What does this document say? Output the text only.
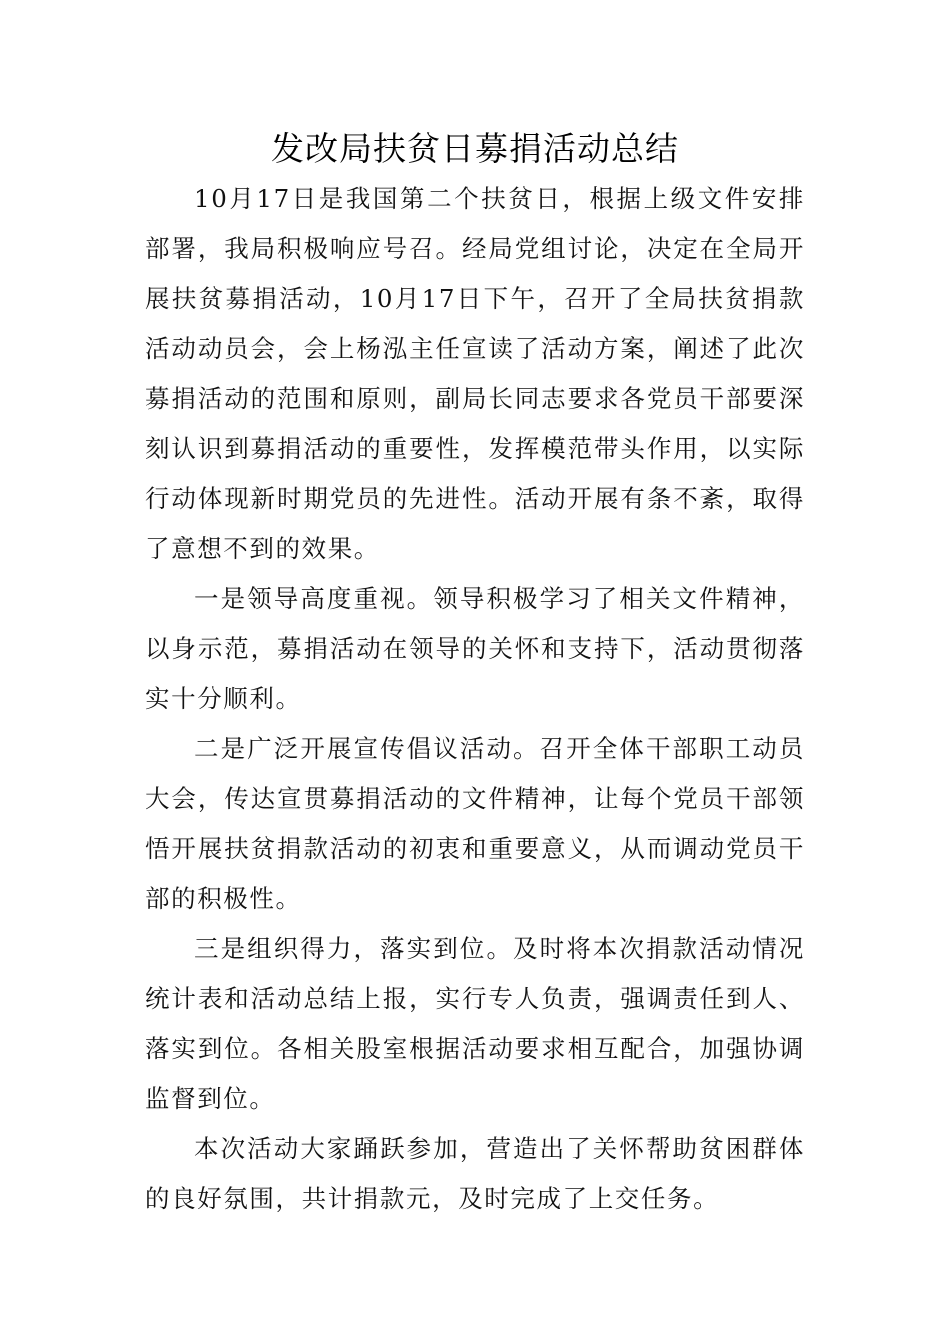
发改局扶贫日募捐活动总结

10月17日是我国第二个扶贫日，根据上级文件安排部署，我局积极响应号召。经局党组讨论，决定在全局开展扶贫募捐活动，10月17日下午，召开了全局扶贫捐款活动动员会，会上杨泓主任宣读了活动方案，阐述了此次募捐活动的范围和原则，副局长同志要求各党员干部要深刻认识到募捐活动的重要性，发挥模范带头作用，以实际行动体现新时期党员的先进性。活动开展有条不紊，取得了意想不到的效果。

一是领导高度重视。领导积极学习了相关文件精神，以身示范，募捐活动在领导的关怀和支持下，活动贯彻落实十分顺利。

二是广泛开展宣传倡议活动。召开全体干部职工动员大会，传达宣贯募捐活动的文件精神，让每个党员干部领悟开展扶贫捐款活动的初衷和重要意义，从而调动党员干部的积极性。

三是组织得力，落实到位。及时将本次捐款活动情况统计表和活动总结上报，实行专人负责，强调责任到人、落实到位。各相关股室根据活动要求相互配合，加强协调监督到位。

本次活动大家踊跃参加，营造出了关怀帮助贫困群体的良好氛围，共计捐款元，及时完成了上交任务。
